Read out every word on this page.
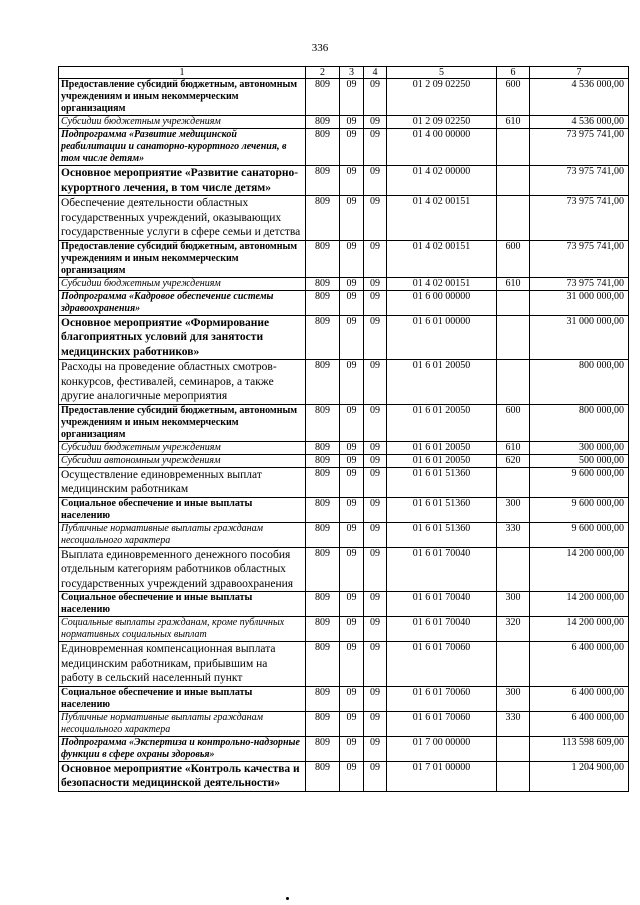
336
1	2	3	4	5	6	7
Предоставление субсидий бюджетным, автономным учреждениям и иным некоммерческим организациям	809	09	09	01 2 09 02250	600	4 536 000,00
Субсидии бюджетным учреждениям	809	09	09	01 2 09 02250	610	4 536 000,00
Подпрограмма «Развитие медицинской реабилитации и санаторно-курортного лечения, в том числе детям»	809	09	09	01 4 00 00000		73 975 741,00
Основное мероприятие «Развитие санаторно-курортного лечения, в том числе детям»	809	09	09	01 4 02 00000		73 975 741,00
Обеспечение деятельности областных государственных учреждений, оказывающих государственные услуги в сфере семьи и детства	809	09	09	01 4 02 00151		73 975 741,00
Предоставление субсидий бюджетным, автономным учреждениям и иным некоммерческим организациям	809	09	09	01 4 02 00151	600	73 975 741,00
Субсидии бюджетным учреждениям	809	09	09	01 4 02 00151	610	73 975 741,00
Подпрограмма «Кадровое обеспечение системы здравоохранения»	809	09	09	01 6 00 00000		31 000 000,00
Основное мероприятие «Формирование благоприятных условий для занятости медицинских работников»	809	09	09	01 6 01 00000		31 000 000,00
Расходы на проведение областных смотров-конкурсов, фестивалей, семинаров, а также другие аналогичные мероприятия	809	09	09	01 6 01 20050		800 000,00
Предоставление субсидий бюджетным, автономным учреждениям и иным некоммерческим организациям	809	09	09	01 6 01 20050	600	800 000,00
Субсидии бюджетным учреждениям	809	09	09	01 6 01 20050	610	300 000,00
Субсидии автономным учреждениям	809	09	09	01 6 01 20050	620	500 000,00
Осуществление единовременных выплат медицинским работникам	809	09	09	01 6 01 51360		9 600 000,00
Социальное обеспечение и иные выплаты населению	809	09	09	01 6 01 51360	300	9 600 000,00
Публичные нормативные выплаты гражданам несоциального характера	809	09	09	01 6 01 51360	330	9 600 000,00
Выплата единовременного денежного пособия отдельным категориям работников областных государственных учреждений здравоохранения	809	09	09	01 6 01 70040		14 200 000,00
Социальное обеспечение и иные выплаты населению	809	09	09	01 6 01 70040	300	14 200 000,00
Социальные выплаты гражданам, кроме публичных нормативных социальных выплат	809	09	09	01 6 01 70040	320	14 200 000,00
Единовременная компенсационная выплата медицинским работникам, прибывшим на работу в сельский населенный пункт	809	09	09	01 6 01 70060		6 400 000,00
Социальное обеспечение и иные выплаты населению	809	09	09	01 6 01 70060	300	6 400 000,00
Публичные нормативные выплаты гражданам несоциального характера	809	09	09	01 6 01 70060	330	6 400 000,00
Подпрограмма «Экспертиза и контрольно-надзорные функции в сфере охраны здоровья»	809	09	09	01 7 00 00000		113 598 609,00
Основное мероприятие «Контроль качества и безопасности медицинской деятельности»	809	09	09	01 7 01 00000		1 204 900,00
